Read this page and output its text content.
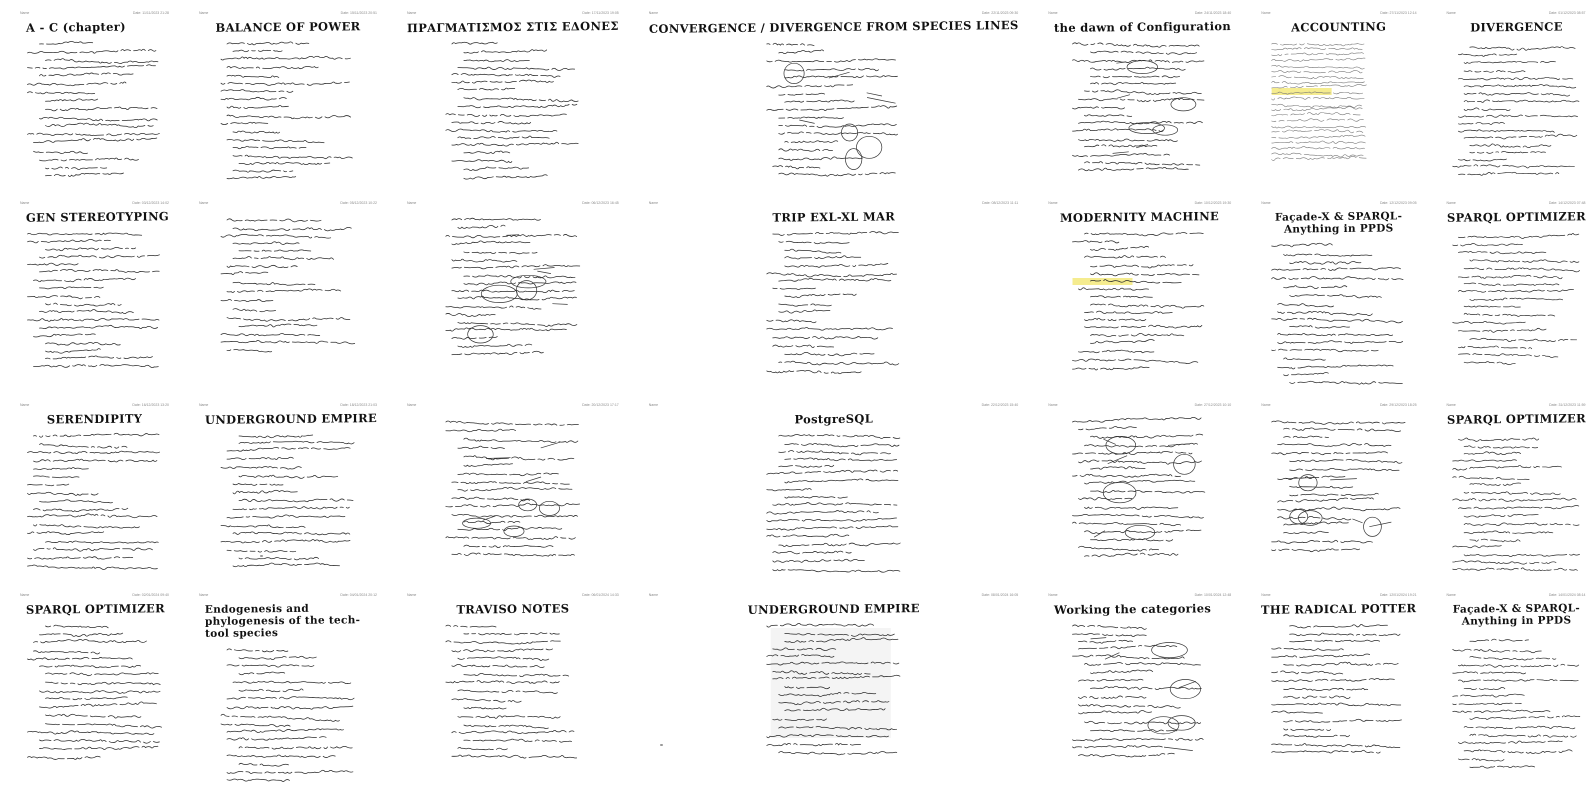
Name	Date: 11/11/2023 21:28
A - C (chapter)
Name	Date: 15/11/2023 20:51
BALANCE OF POWER
Name	Date: 17/11/2023 19:05
ΠΡΑΓΜΑΤΙΣΜΟΣ ΣΤΙΣ ΕΔΟΝΕΣ
Name	Date: 22/11/2023 09:30
CONVERGENCE / DIVERGENCE FROM SPECIES LINES
Name	Date: 24/11/2023 18:40
the dawn of Configuration
Name	Date: 27/11/2023 12:14
ACCOUNTING
Name	Date: 01/12/2023 08:57
DIVERGENCE
Name	Date: 03/12/2023 14:02
GEN STEREOTYPING
Name	Date: 05/12/2023 10:22	Name	Date: 06/12/2023 16:45	Name	Date: 08/12/2023 11:11
TRIP EXL-XL MAR
Name	Date: 10/12/2023 19:30
MODERNITY MACHINE
Name	Date: 12/12/2023 09:05
Façade-X & SPARQL-Anything in PPDS
Name	Date: 14/12/2023 07:48
SPARQL OPTIMIZER
Name	Date: 16/12/2023 13:20
SERENDIPITY
Name	Date: 18/12/2023 21:03
UNDERGROUND EMPIRE
Name	Date: 20/12/2023 17:17	Name	Date: 22/12/2023 15:40
PostgreSQL
Name	Date: 27/12/2023 10:10	Name	Date: 29/12/2023 18:25	Name	Date: 31/12/2023 11:59
SPARQL OPTIMIZER
Name	Date: 02/01/2024 09:40
SPARQL OPTIMIZER
Name	Date: 04/01/2024 20:12
Endogenesis and phylogenesis of the tech-tool species
Name	Date: 06/01/2024 14:33
TRAVISO NOTES
Name	Date: 08/01/2024 16:05
UNDERGROUND EMPIRE
Name	Date: 10/01/2024 12:48
Working the categories
Name	Date: 12/01/2024 19:21
THE RADICAL POTTER
Name	Date: 14/01/2024 08:14
Façade-X & SPARQL-Anything in PPDS
